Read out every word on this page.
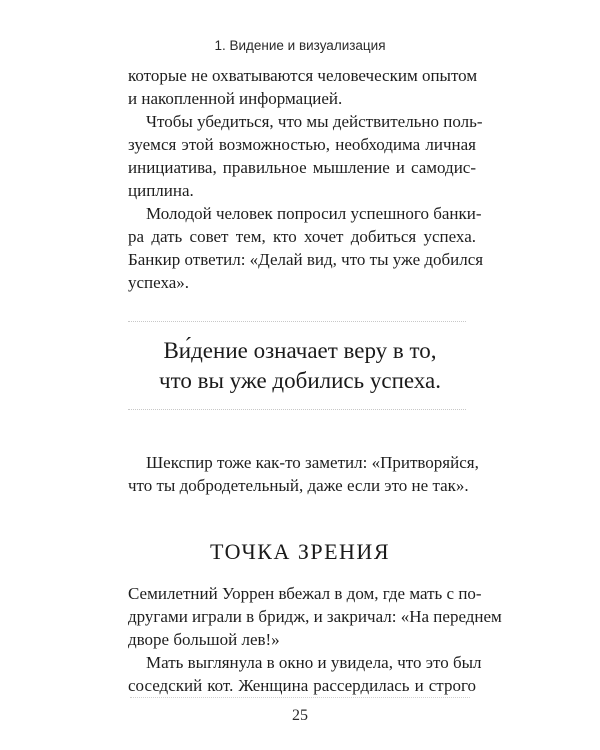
1. Видение и визуализация
которые не охватываются человеческим опытом
и накопленной информацией.
Чтобы убедиться, что мы действительно поль-
зуемся этой возможностью, необходима личная
инициатива, правильное мышление и самодис-
циплина.
Молодой человек попросил успешного банки-
ра дать совет тем, кто хочет добиться успеха.
Банкир ответил: «Делай вид, что ты уже добился
успеха».
Ви́дение означает веру в то,
что вы уже добились успеха.
Шекспир тоже как-то заметил: «Притворяйся,
что ты добродетельный, даже если это не так».
ТОЧКА ЗРЕНИЯ
Семилетний Уоррен вбежал в дом, где мать с по-
другами играли в бридж, и закричал: «На переднем
дворе большой лев!»
Мать выглянула в окно и увидела, что это был
соседский кот. Женщина рассердилась и строго
25
